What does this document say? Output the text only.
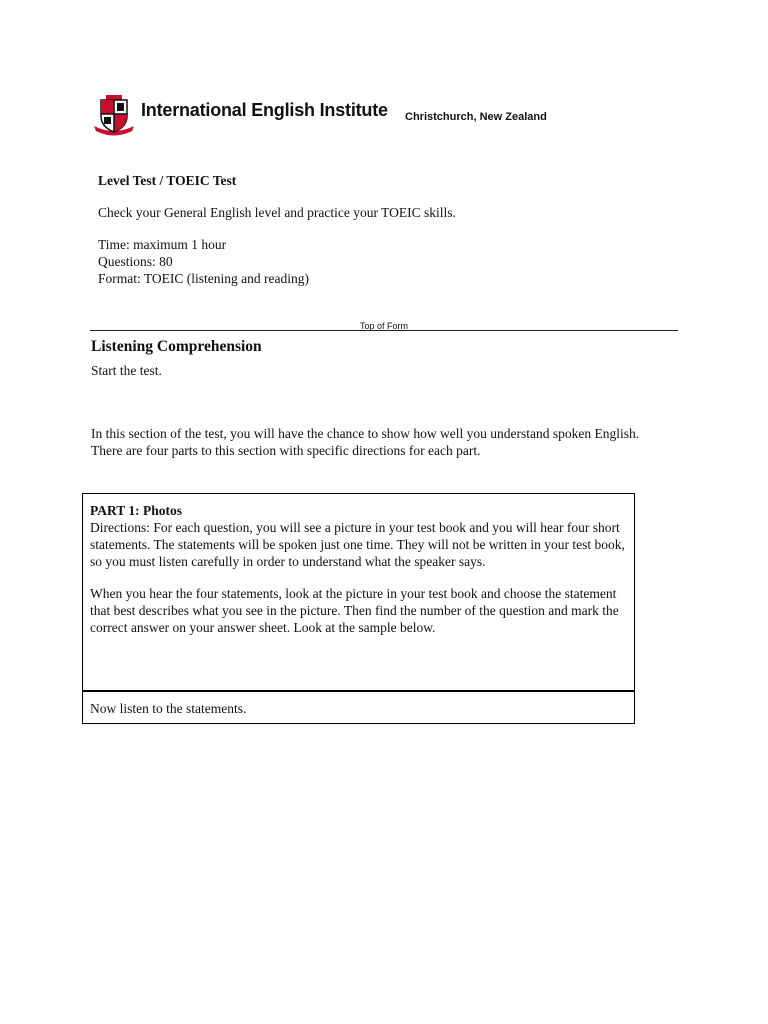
International English Institute Christchurch, New Zealand

Level Test / TOEIC Test

Check your General English level and practice your TOEIC skills.

Time: maximum 1 hour

Questions: 80

Format: TOEIC (listening and reading)

Top of Form
Listening Comprehension
Start the test.
In this section of the test, you will have the chance to show how well you understand spoken English. There are four parts to this section with specific directions for each part.

PART 1: Photos

Directions: For each question, you will see a picture in your test book and you will hear four short statements. The statements will be spoken just one time. They will not be written in your test book, so you must listen carefully in order to understand what the speaker says.

When you hear the four statements, look at the picture in your test book and choose the statement that best describes what you see in the picture. Then find the number of the question and mark the correct answer on your answer sheet. Look at the sample below.

Now listen to the statements.
